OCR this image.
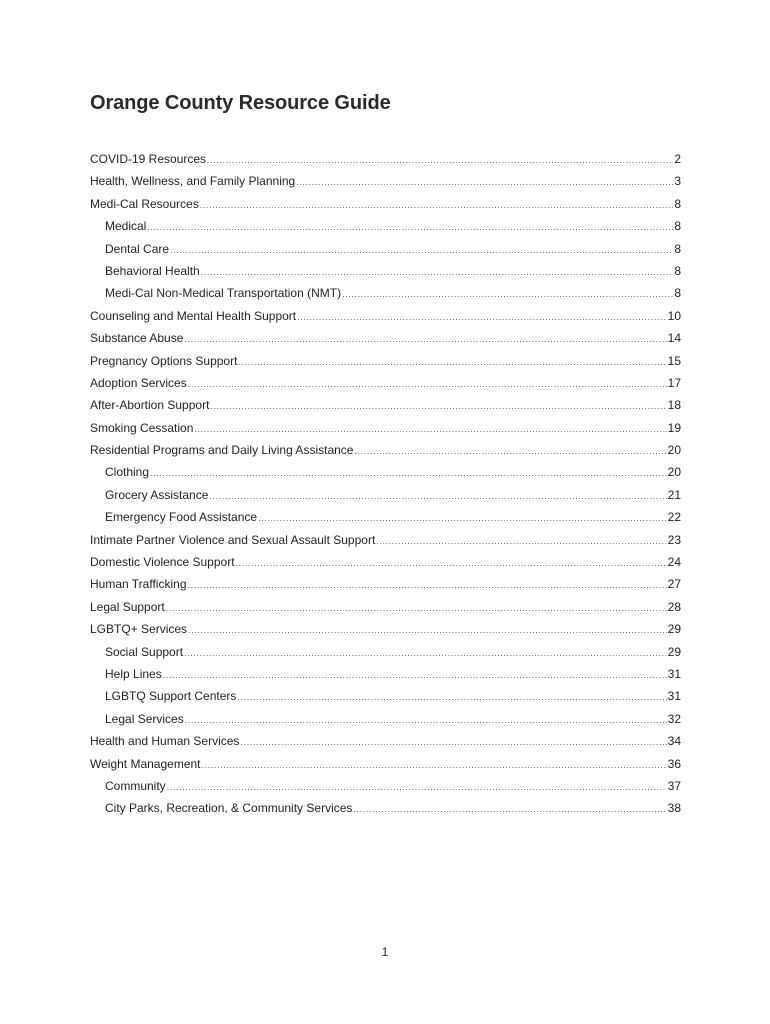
Orange County Resource Guide
COVID-19 Resources .....	2
Health, Wellness, and Family Planning .....	3
Medi-Cal Resources .....	8
Medical .....	8
Dental Care .....	8
Behavioral Health .....	8
Medi-Cal Non-Medical Transportation (NMT) .....	8
Counseling and Mental Health Support .....	10
Substance Abuse .....	14
Pregnancy Options Support .....	15
Adoption Services .....	17
After-Abortion Support .....	18
Smoking Cessation .....	19
Residential Programs and Daily Living Assistance .....	20
Clothing .....	20
Grocery Assistance .....	21
Emergency Food Assistance .....	22
Intimate Partner Violence and Sexual Assault Support .....	23
Domestic Violence Support .....	24
Human Trafficking .....	27
Legal Support .....	28
LGBTQ+ Services .....	29
Social Support .....	29
Help Lines .....	31
LGBTQ Support Centers .....	31
Legal Services .....	32
Health and Human Services .....	34
Weight Management .....	36
Community .....	37
City Parks, Recreation, & Community Services .....	38
1
